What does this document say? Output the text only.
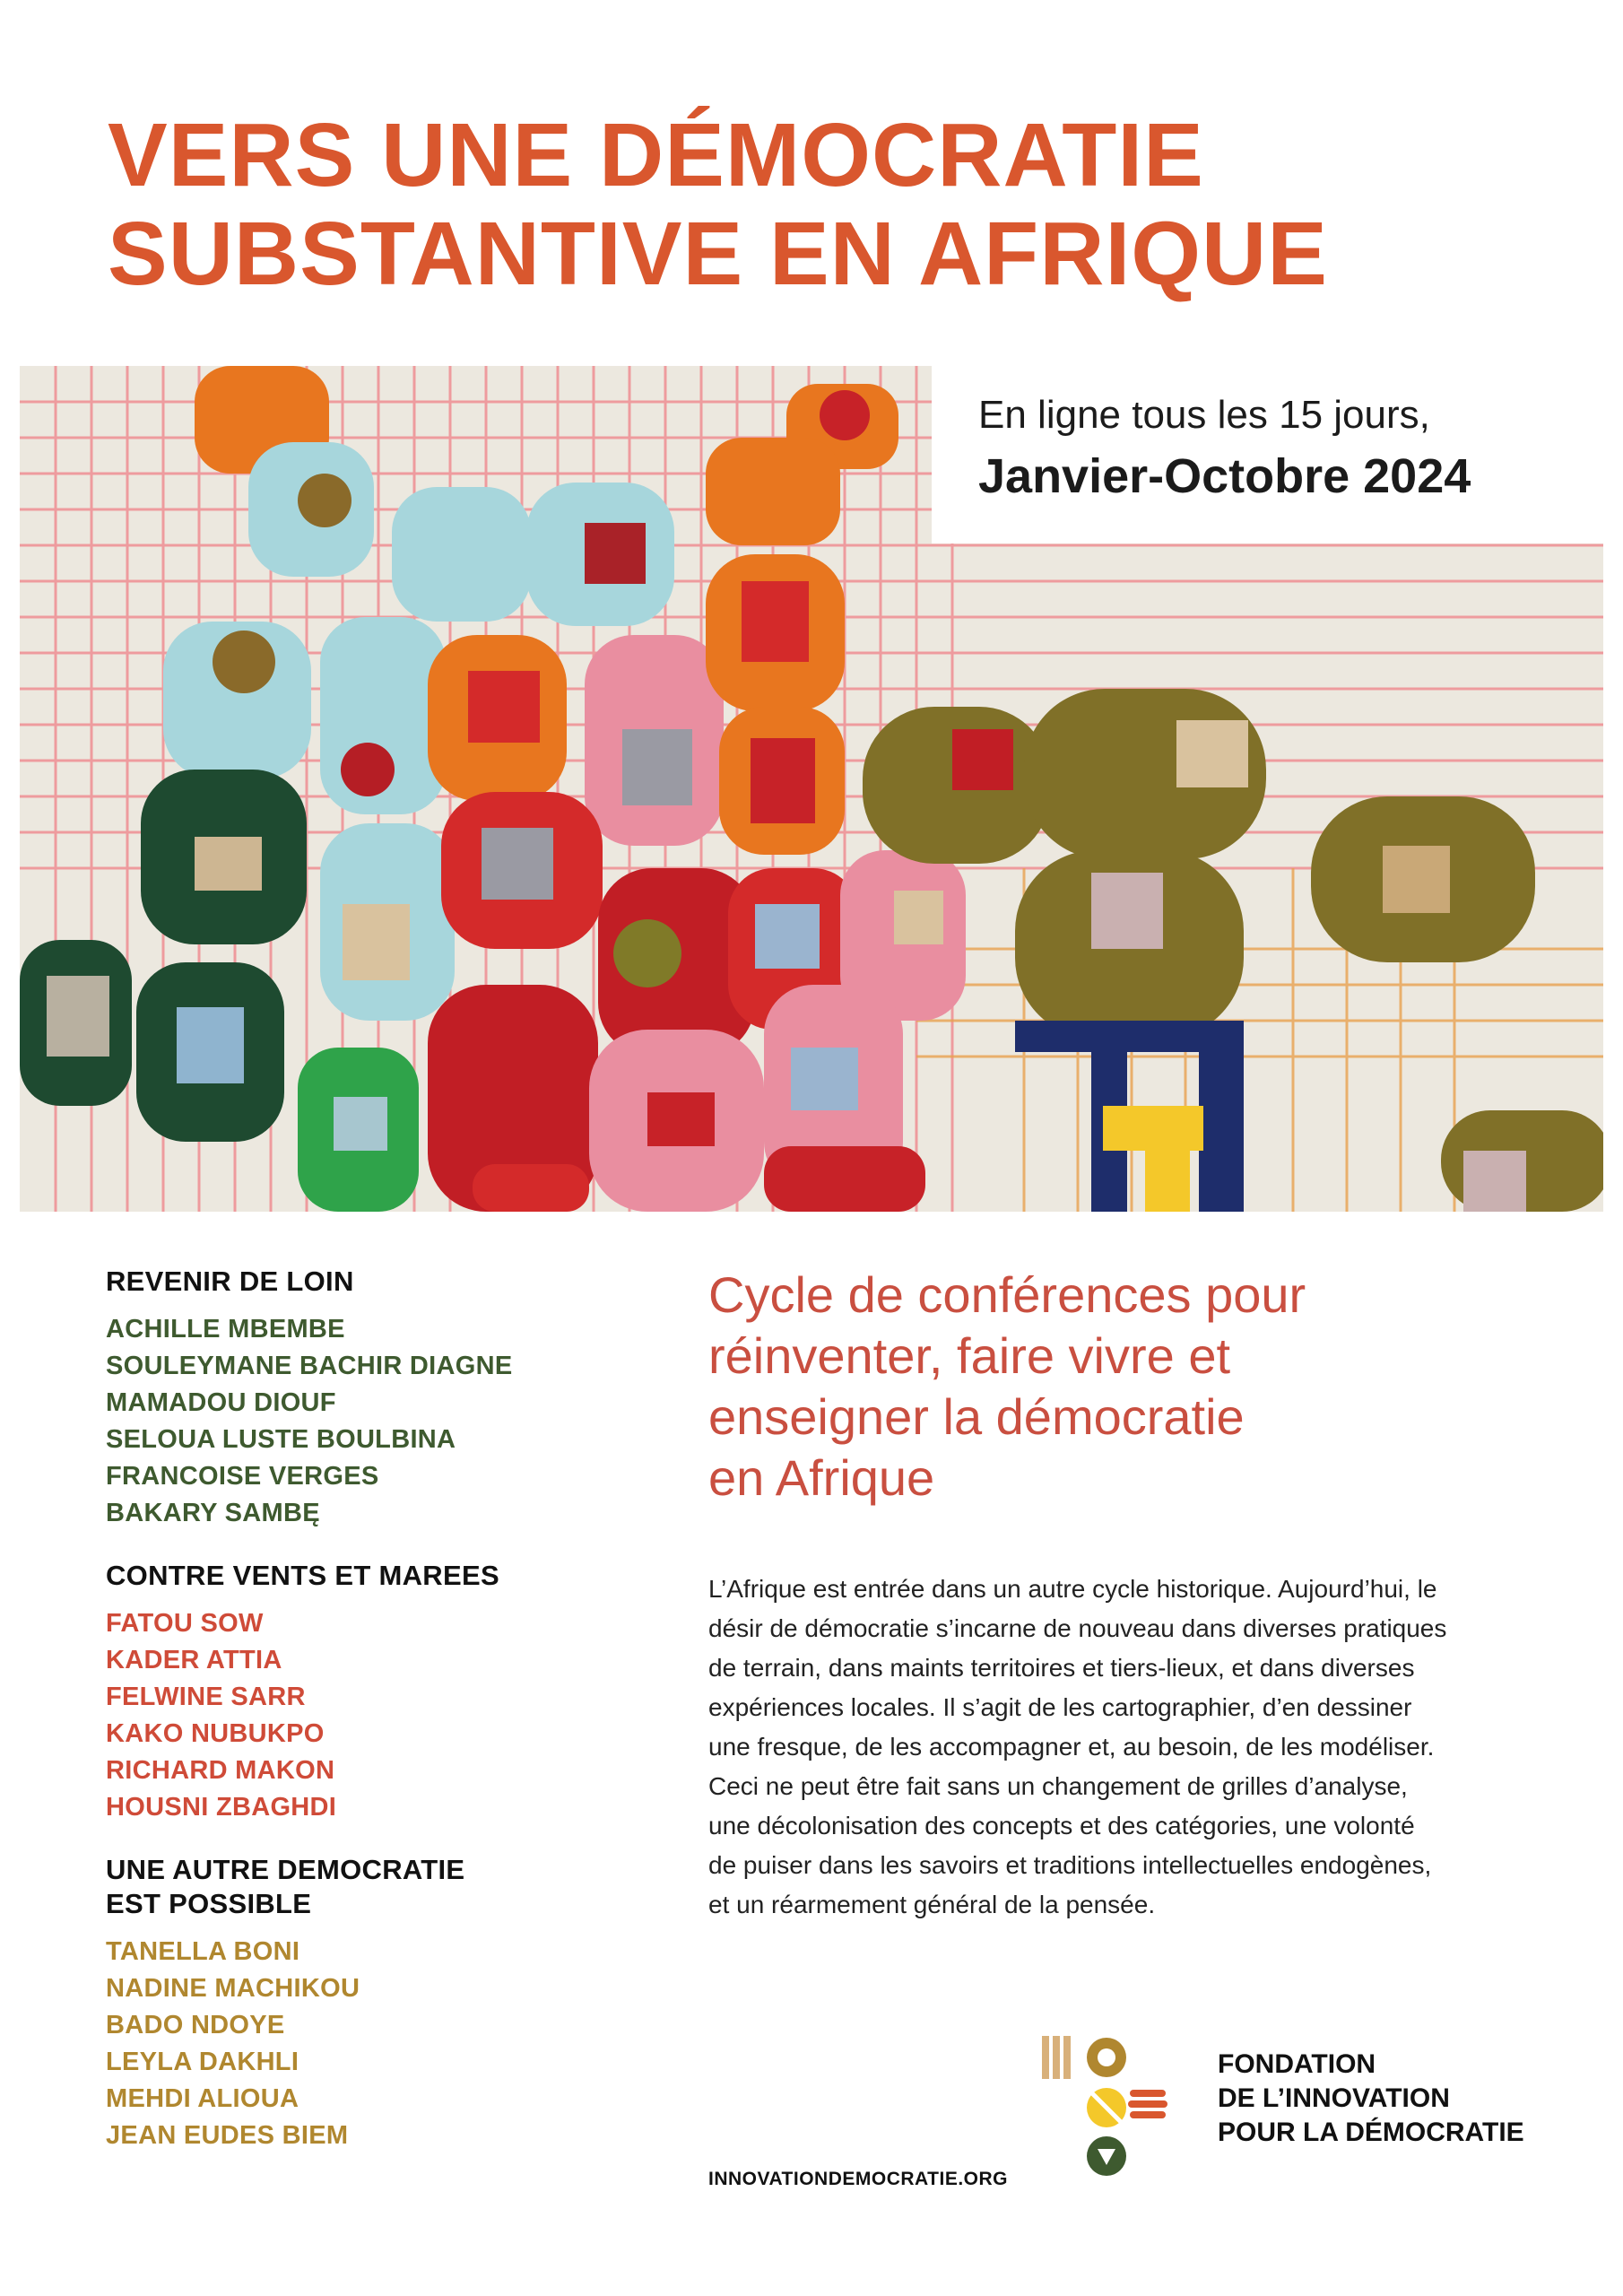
VERS UNE DÉMOCRATIE
SUBSTANTIVE EN AFRIQUE
En ligne tous les 15 jours,
Janvier-Octobre 2024
REVENIR DE LOIN
ACHILLE MBEMBE
SOULEYMANE BACHIR DIAGNE
MAMADOU DIOUF
SELOUA LUSTE BOULBINA
FRANCOISE VERGES
BAKARY SAMBĘ
CONTRE VENTS ET MAREES
FATOU SOW
KADER ATTIA
FELWINE SARR
KAKO NUBUKPO
RICHARD MAKON
HOUSNI ZBAGHDI
UNE AUTRE DEMOCRATIE
EST POSSIBLE
TANELLA BONI
NADINE MACHIKOU
BADO NDOYE
LEYLA DAKHLI
MEHDI ALIOUA
JEAN EUDES BIEM
Cycle de conférences pour
réinventer, faire vivre et
enseigner la démocratie
en Afrique

L’Afrique est entrée dans un autre cycle historique. Aujourd’hui, le
désir de démocratie s’incarne de nouveau dans diverses pratiques
de terrain, dans maints territoires et tiers-lieux, et dans diverses
expériences locales. Il s’agit de les cartographier, d’en dessiner
une fresque, de les accompagner et, au besoin, de les modéliser.
Ceci ne peut être fait sans un changement de grilles d’analyse,
une décolonisation des concepts et des catégories, une volonté
de puiser dans les savoirs et traditions intellectuelles endogènes,
et un réarmement général de la pensée.

FONDATION
DE L’INNOVATION
POUR LA DÉMOCRATIE
INNOVATIONDEMOCRATIE.ORG
